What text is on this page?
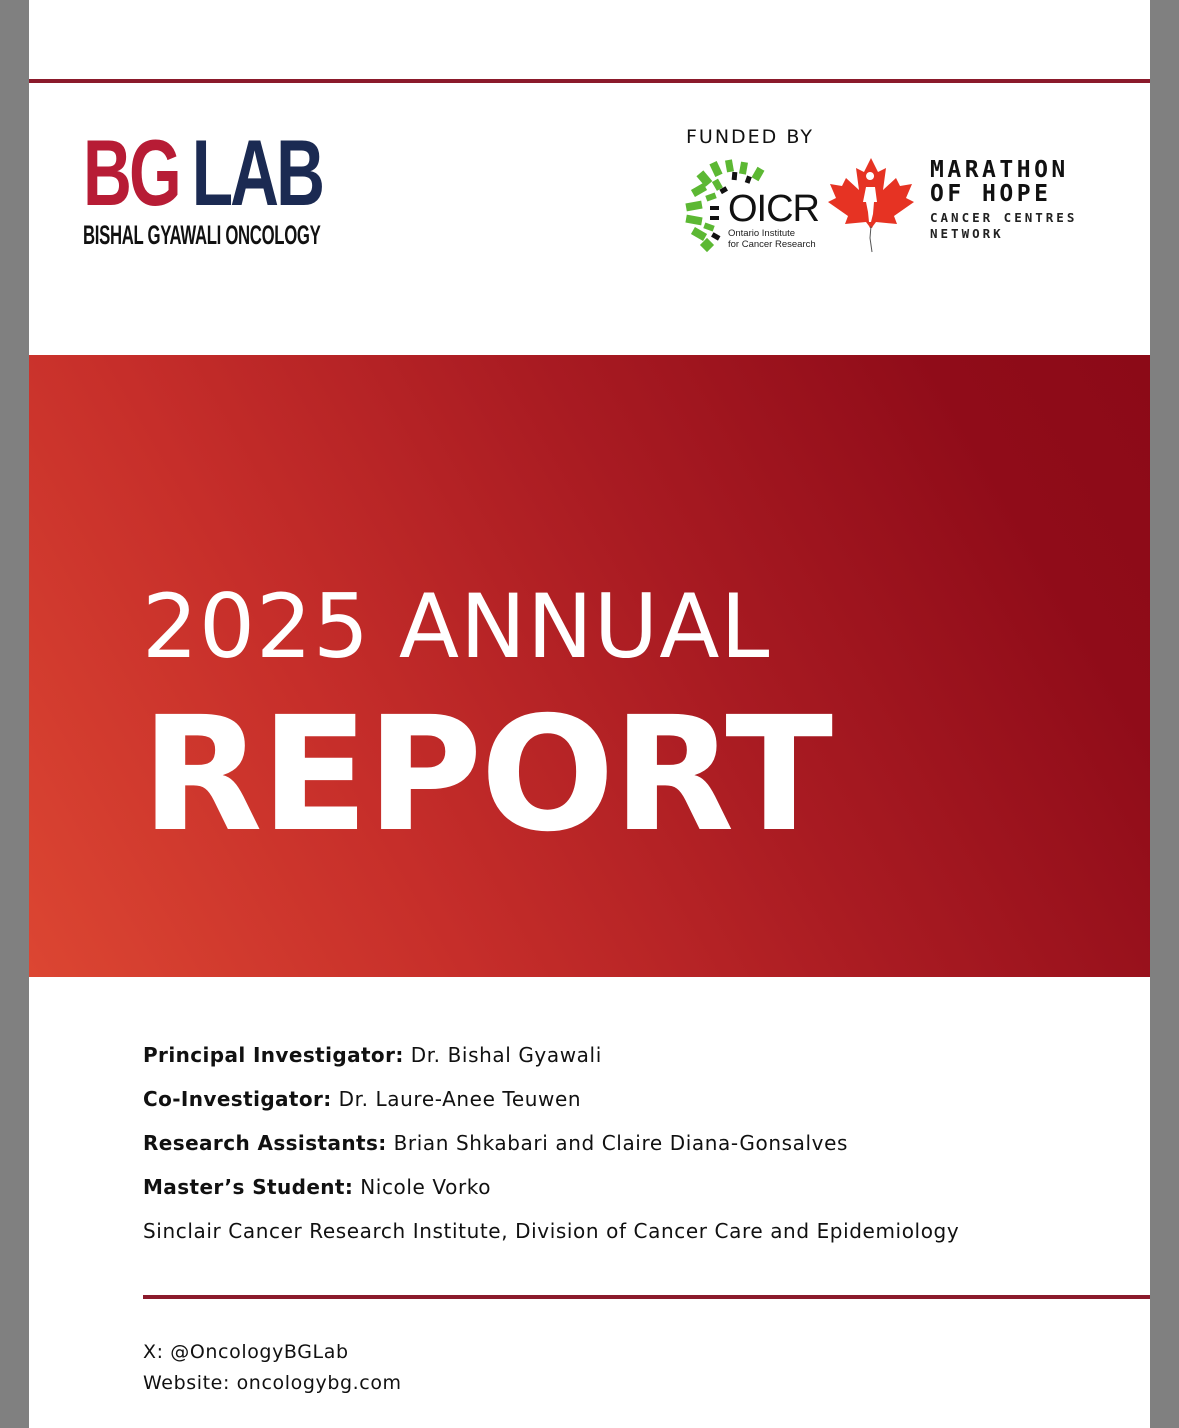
BG LAB
BISHAL GYAWALI ONCOLOGY
FUNDED BY
OICR
Ontario Institute
for Cancer Research
MARATHON
OF HOPE
CANCER CENTRES
NETWORK
2025 ANNUAL
REPORT
Principal Investigator: Dr. Bishal Gyawali
Co-Investigator: Dr. Laure-Anee Teuwen
Research Assistants: Brian Shkabari and Claire Diana-Gonsalves
Master’s Student: Nicole Vorko
Sinclair Cancer Research Institute, Division of Cancer Care and Epidemiology
X: @OncologyBGLab
Website: oncologybg.com
